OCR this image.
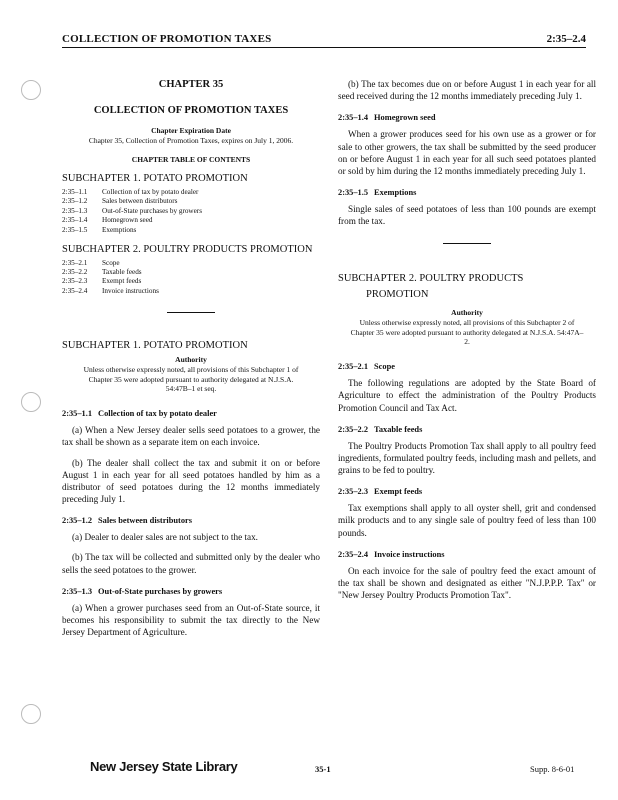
COLLECTION OF PROMOTION TAXES	2:35–2.4
CHAPTER 35
COLLECTION OF PROMOTION TAXES
Chapter Expiration Date
Chapter 35, Collection of Promotion Taxes, expires on July 1, 2006.
CHAPTER TABLE OF CONTENTS
SUBCHAPTER 1. POTATO PROMOTION
2:35–1.1	Collection of tax by potato dealer
2:35–1.2	Sales between distributors
2:35–1.3	Out-of-State purchases by growers
2:35–1.4	Homegrown seed
2:35–1.5	Exemptions
SUBCHAPTER 2. POULTRY PRODUCTS PROMOTION
2:35–2.1	Scope
2:35–2.2	Taxable feeds
2:35–2.3	Exempt feeds
2:35–2.4	Invoice instructions
SUBCHAPTER 1. POTATO PROMOTION
Authority
Unless otherwise expressly noted, all provisions of this Subchapter 1 of Chapter 35 were adopted pursuant to authority delegated at N.J.S.A. 54:47B–1 et seq.
2:35–1.1 Collection of tax by potato dealer

(a) When a New Jersey dealer sells seed potatoes to a grower, the tax shall be shown as a separate item on each invoice.

(b) The dealer shall collect the tax and submit it on or before August 1 in each year for all seed potatoes handled by him as a distributor of seed potatoes during the 12 months immediately preceding July 1.

2:35–1.2 Sales between distributors

(a) Dealer to dealer sales are not subject to the tax.

(b) The tax will be collected and submitted only by the dealer who sells the seed potatoes to the grower.

2:35–1.3 Out-of-State purchases by growers

(a) When a grower purchases seed from an Out-of-State source, it becomes his responsibility to submit the tax directly to the New Jersey Department of Agriculture.

(b) The tax becomes due on or before August 1 in each year for all seed received during the 12 months immediately preceding July 1.

2:35–1.4 Homegrown seed

When a grower produces seed for his own use as a grower or for sale to other growers, the tax shall be submitted by the seed producer on or before August 1 in each year for all such seed potatoes planted or sold by him during the 12 months immediately preceding July 1.

2:35–1.5 Exemptions

Single sales of seed potatoes of less than 100 pounds are exempt from the tax.

SUBCHAPTER 2. POULTRY PRODUCTS
PROMOTION
Authority
Unless otherwise expressly noted, all provisions of this Subchapter 2 of Chapter 35 were adopted pursuant to authority delegated at N.J.S.A. 54:47A–2.
2:35–2.1 Scope

The following regulations are adopted by the State Board of Agriculture to effect the administration of the Poultry Products Promotion Council and Tax Act.

2:35–2.2 Taxable feeds

The Poultry Products Promotion Tax shall apply to all poultry feed ingredients, formulated poultry feeds, including mash and pellets, and grains to be fed to poultry.

2:35–2.3 Exempt feeds

Tax exemptions shall apply to all oyster shell, grit and condensed milk products and to any single sale of poultry feed of less than 100 pounds.

2:35–2.4 Invoice instructions

On each invoice for the sale of poultry feed the exact amount of the tax shall be shown and designated as either "N.J.P.P.P. Tax" or "New Jersey Poultry Products Promotion Tax".

New Jersey State Library	35-1	Supp. 8-6-01
